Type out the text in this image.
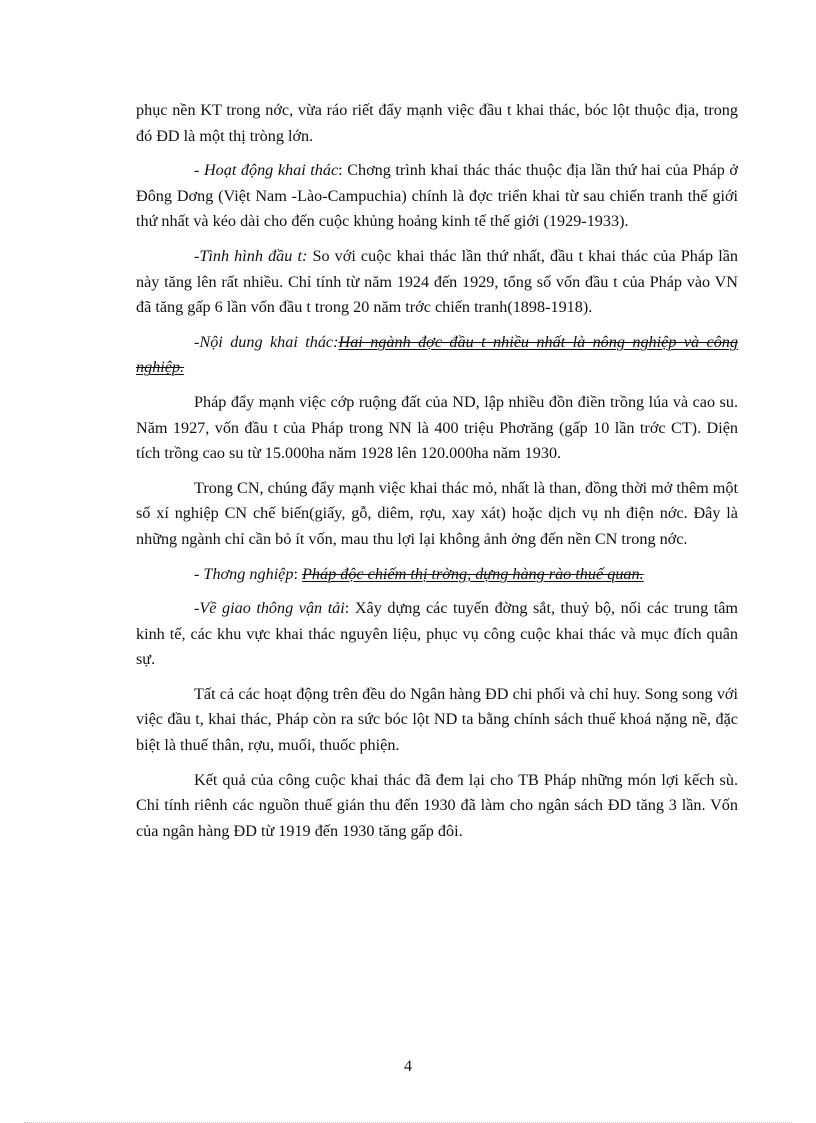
phục nền KT trong nớc, vừa ráo riết đẩy mạnh việc đầu t khai thác, bóc lột thuộc địa, trong đó ĐD là một thị tròng lớn.

- Hoạt động khai thác: Chơng trình khai thác thác thuộc địa lần thứ hai của Pháp ở Đông Dơng (Việt Nam -Lào-Campuchia) chính là đợc triển khai từ sau chiến tranh thế giới thứ nhất và kéo dài cho đến cuộc khủng hoảng kinh tế thế giới (1929-1933).

-Tình hình đầu t: So với cuộc khai thác lần thứ nhất, đầu t khai thác của Pháp lần này tăng lên rất nhiều. Chỉ tính từ năm 1924 đến 1929, tổng số vốn đầu t của Pháp vào VN đã tăng gấp 6 lần vốn đầu t trong 20 năm trớc chiến tranh(1898-1918).

-Nội dung khai thác:Hai ngành đợc đầu t nhiều nhất là nông nghiệp và công nghiệp.

Pháp đẩy mạnh việc cớp ruộng đất của ND, lập nhiều đồn điền trồng lúa và cao su. Năm 1927, vốn đầu t của Pháp trong NN là 400 triệu Phơrăng (gấp 10 lần trớc CT). Diện tích trồng cao su từ 15.000ha năm 1928 lên 120.000ha năm 1930.

Trong CN, chúng đẩy mạnh việc khai thác mỏ, nhất là than, đồng thời mở thêm một số xí nghiệp CN chế biến(giấy, gỗ, diêm, rợu, xay xát) hoặc dịch vụ nh điện nớc. Đây là những ngành chỉ cần bỏ ít vốn, mau thu lợi lại không ảnh ởng đến nền CN trong nớc.

- Thơng nghiệp: Pháp độc chiếm thị trờng, dựng hàng rào thuế quan.

-Về giao thông vận tải: Xây dựng các tuyến đờng sắt, thuỷ bộ, nối các trung tâm kinh tế, các khu vực khai thác nguyên liệu, phục vụ công cuộc khai thác và mục đích quân sự.

Tất cả các hoạt động trên đều do Ngân hàng ĐD chi phối và chỉ huy. Song song với việc đầu t, khai thác, Pháp còn ra sức bóc lột ND ta bằng chính sách thuế khoá nặng nề, đặc biệt là thuế thân, rợu, muối, thuốc phiện.

Kết quả của công cuộc khai thác đã đem lại cho TB Pháp những món lợi kếch sù. Chỉ tính riênh các nguồn thuế gián thu đến 1930 đã làm cho ngân sách ĐD tăng 3 lần. Vốn của ngân hàng ĐD từ 1919 đến 1930 tăng gấp đôi.

4
